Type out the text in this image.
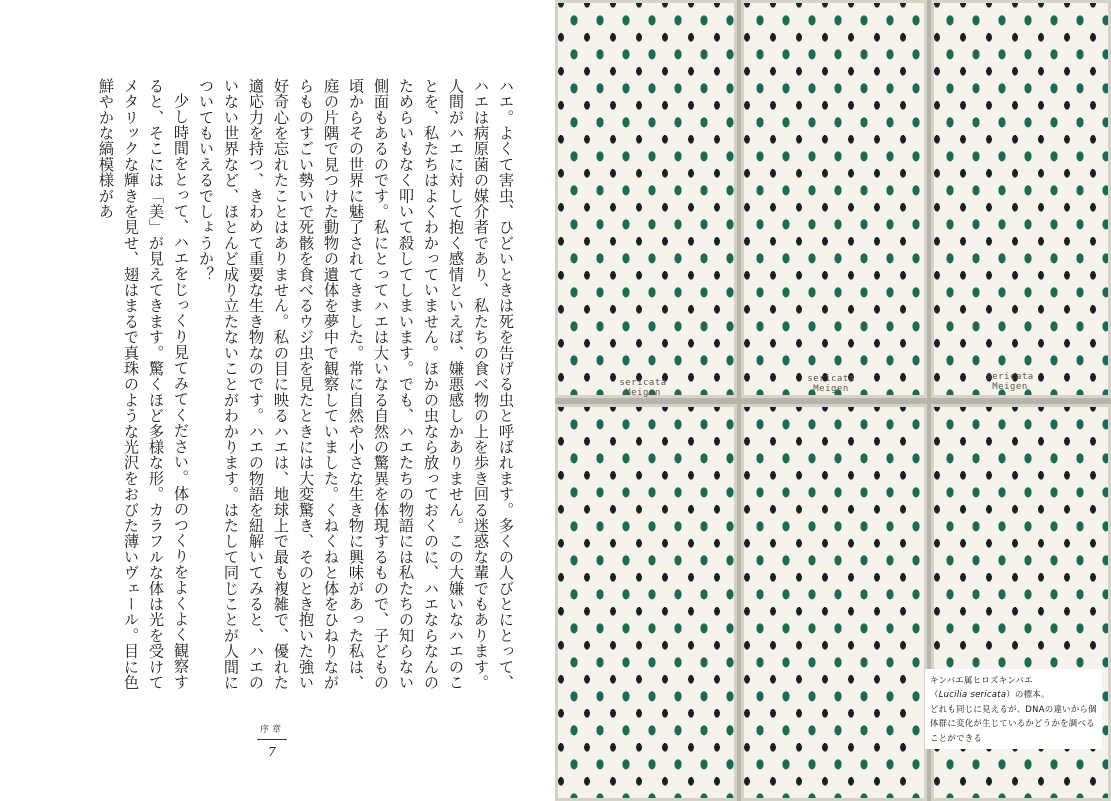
ハエ。よくて害虫、ひどいときは死を告げる虫と呼ばれます。多くの人びとにとって、ハエは病原菌の媒介者であり、私たちの食べ物の上を歩き回る迷惑な輩でもあります。人間がハエに対して抱く感情といえば、嫌悪感しかありません。この大嫌いなハエのことを、私たちはよくわかっていません。ほかの虫なら放っておくのに、ハエならなんのためらいもなく叩いて殺してしまいます。でも、ハエたちの物語には私たちの知らない側面もあるのです。私にとってハエは大いなる自然の驚異を体現するもので、子どもの頃からその世界に魅了されてきました。常に自然や小さな生き物に興味があった私は、庭の片隅で見つけた動物の遺体を夢中で観察していました。くねくねと体をひねりながらものすごい勢いで死骸を食べるウジ虫を見たときには大変驚き、そのとき抱いた強い好奇心を忘れたことはありません。私の目に映るハエは、地球上で最も複雑で、優れた適応力を持つ、きわめて重要な生き物なのです。ハエの物語を紐解いてみると、ハエのいない世界など、ほとんど成り立たないことがわかります。はたして同じことが人間についてもいえるでしょうか？

少し時間をとって、ハエをじっくり見てみてください。体のつくりをよくよく観察すると、そこには「美」が見えてきます。驚くほど多様な形。カラフルな体は光を受けてメタリックな輝きを見せ、翅はまるで真珠のような光沢をおびた薄いヴェール。目に色鮮やかな縞模様があ

序章
7
sericata
Meigen
sericata
Meigen
sericata
Meigen
キンバエ属ヒロズキンバエ
（Lucilia sericata）の標本。
どれも同じに見えるが、DNAの違いから個体群に変化が生じているかどうかを調べることができる
